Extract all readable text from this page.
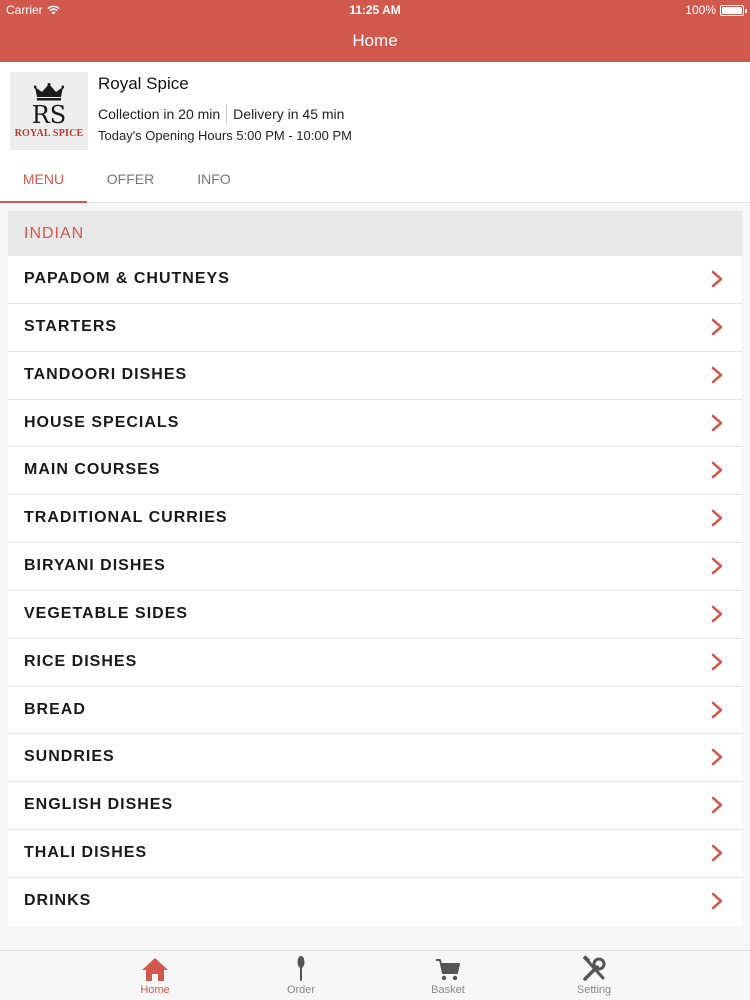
Carrier	11:25 AM	100%
Home
RS
ROYAL SPICE
Royal Spice
Collection in 20 min Delivery in 45 min
Today's Opening Hours 5:00 PM - 10:00 PM
MENU	OFFER	INFO
INDIAN
PAPADOM & CHUTNEYS
STARTERS
TANDOORI DISHES
HOUSE SPECIALS
MAIN COURSES
TRADITIONAL CURRIES
BIRYANI DISHES
VEGETABLE SIDES
RICE DISHES
BREAD
SUNDRIES
ENGLISH DISHES
THALI DISHES
DRINKS
Home	Order	Basket	Setting
